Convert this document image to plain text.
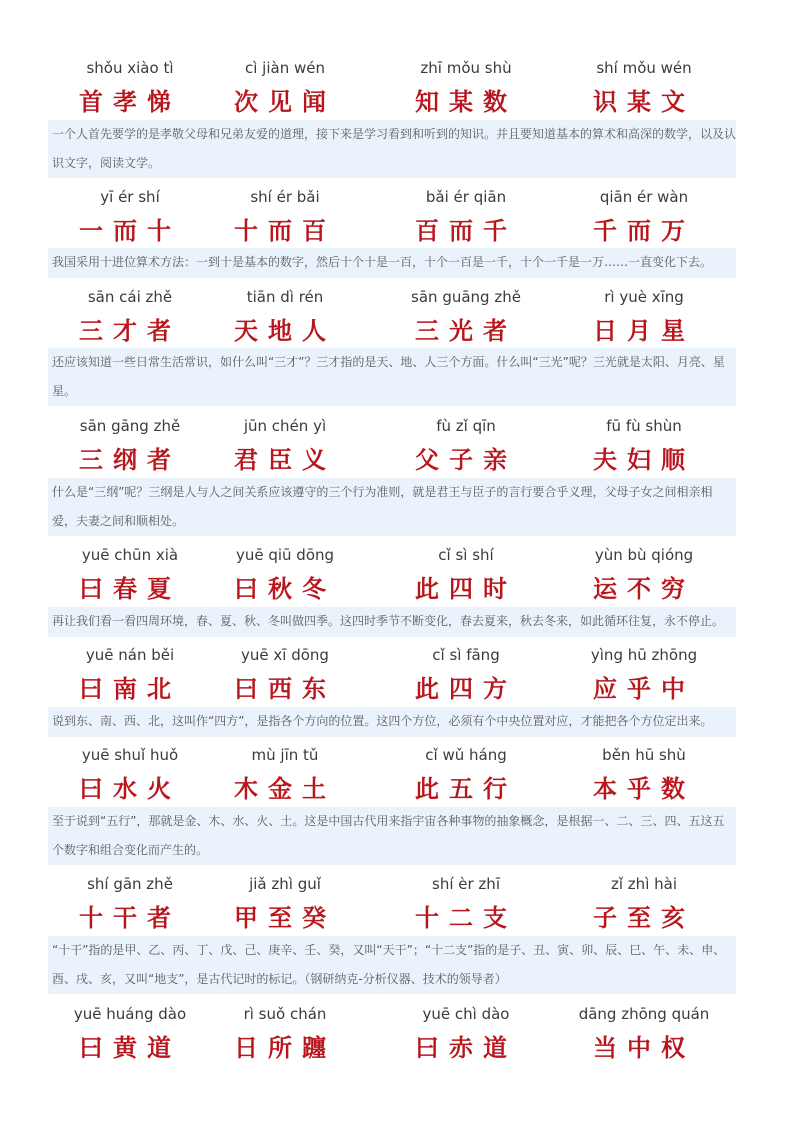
shǒu xiào tì
首孝悌
cì jiàn wén
次见闻
zhī mǒu shù
知某数
shí mǒu wén
识某文
一个人首先要学的是孝敬父母和兄弟友爱的道理，接下来是学习看到和听到的知识。并且要知道基本的算术和高深的数学，以及认识文字，阅读文学。
yī ér shí
一而十
shí ér bǎi
十而百
bǎi ér qiān
百而千
qiān ér wàn
千而万
我国采用十进位算术方法：一到十是基本的数字，然后十个十是一百，十个一百是一千，十个一千是一万……一直变化下去。
sān cái zhě
三才者
tiān dì rén
天地人
sān guāng zhě
三光者
rì yuè xīng
日月星
还应该知道一些日常生活常识，如什么叫“三才”？三才指的是天、地、人三个方面。什么叫“三光”呢？三光就是太阳、月亮、星星。
sān gāng zhě
三纲者
jūn chén yì
君臣义
fù zǐ qīn
父子亲
fū fù shùn
夫妇顺
什么是“三纲”呢？三纲是人与人之间关系应该遵守的三个行为准则，就是君王与臣子的言行要合乎义理，父母子女之间相亲相爱，夫妻之间和顺相处。
yuē chūn xià
曰春夏
yuē qiū dōng
曰秋冬
cǐ sì shí
此四时
yùn bù qióng
运不穷
再让我们看一看四周环境，春、夏、秋、冬叫做四季。这四时季节不断变化，春去夏来，秋去冬来，如此循环往复，永不停止。
yuē nán běi
曰南北
yuē xī dōng
曰西东
cǐ sì fāng
此四方
yìng hū zhōng
应乎中
说到东、南、西、北，这叫作“四方”，是指各个方向的位置。这四个方位，必须有个中央位置对应，才能把各个方位定出来。
yuē shuǐ huǒ
曰水火
mù jīn tǔ
木金土
cǐ wǔ háng
此五行
běn hū shù
本乎数
至于说到“五行”，那就是金、木、水、火、土。这是中国古代用来指宇宙各种事物的抽象概念，是根据一、二、三、四、五这五个数字和组合变化而产生的。
shí gān zhě
十干者
jiǎ zhì guǐ
甲至癸
shí èr zhī
十二支
zǐ zhì hài
子至亥
“十干”指的是甲、乙、丙、丁、戊、己、庚辛、壬、癸，又叫“天干”；“十二支”指的是子、丑、寅、卯、辰、巳、午、未、申、酉、戌、亥，又叫“地支”，是古代记时的标记。（钢研纳克-分析仪器、技术的领导者）
yuē huáng dào
曰黄道
rì suǒ chán
日所躔
yuē chì dào
曰赤道
dāng zhōng quán
当中权
